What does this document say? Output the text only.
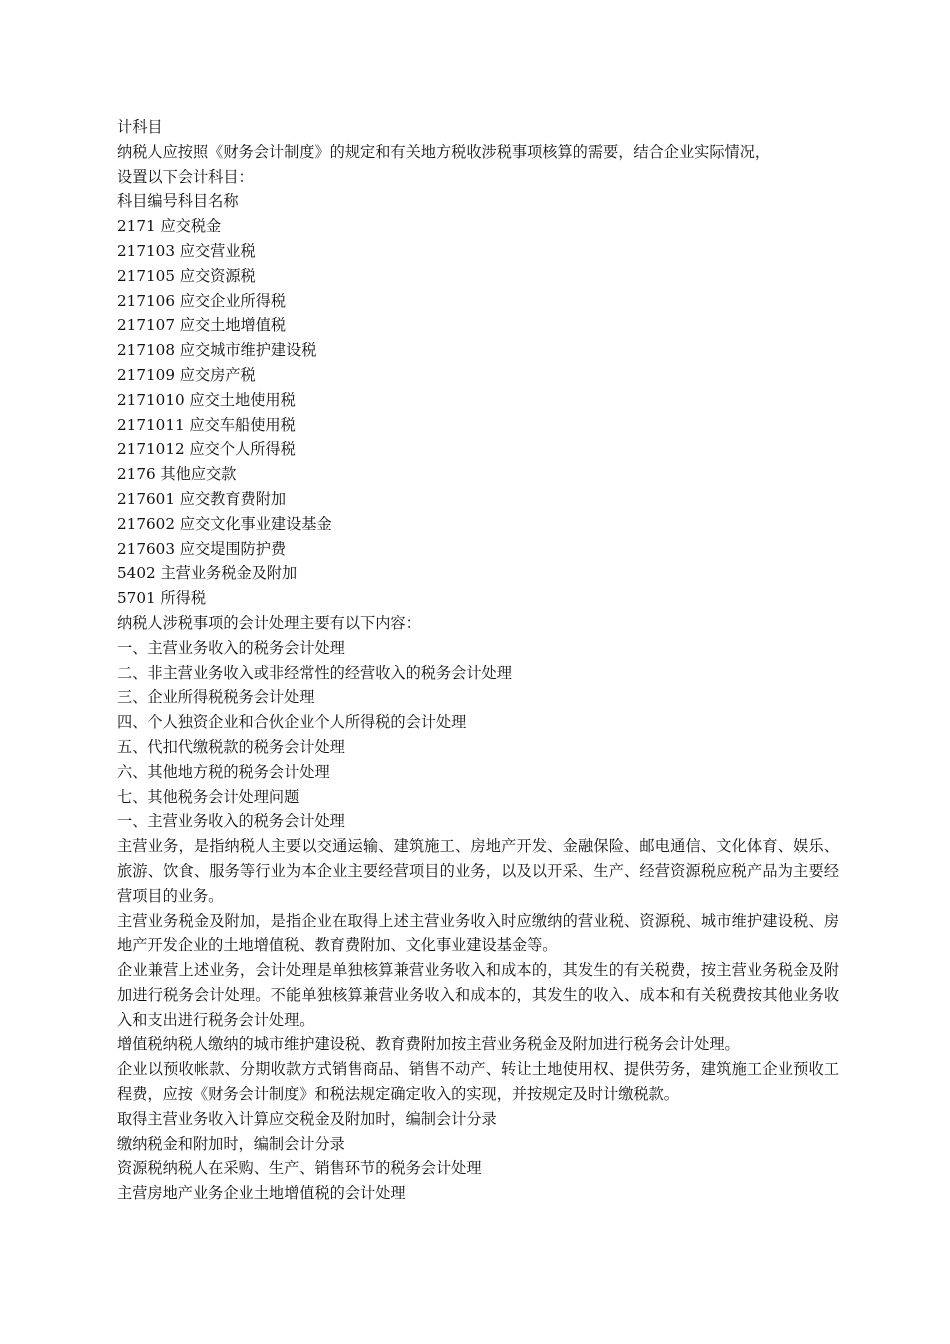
计科目
纳税人应按照《财务会计制度》的规定和有关地方税收涉税事项核算的需要，结合企业实际情况，
设置以下会计科目：
科目编号科目名称
2171 应交税金
217103 应交营业税
217105 应交资源税
217106 应交企业所得税
217107 应交土地增值税
217108 应交城市维护建设税
217109 应交房产税
2171010 应交土地使用税
2171011 应交车船使用税
2171012 应交个人所得税
2176 其他应交款
217601 应交教育费附加
217602 应交文化事业建设基金
217603 应交堤围防护费
5402 主营业务税金及附加
5701 所得税
纳税人涉税事项的会计处理主要有以下内容：
一、主营业务收入的税务会计处理
二、非主营业务收入或非经常性的经营收入的税务会计处理
三、企业所得税税务会计处理
四、个人独资企业和合伙企业个人所得税的会计处理
五、代扣代缴税款的税务会计处理
六、其他地方税的税务会计处理
七、其他税务会计处理问题
一、主营业务收入的税务会计处理

主营业务，是指纳税人主要以交通运输、建筑施工、房地产开发、金融保险、邮电通信、文化体育、娱乐、旅游、饮食、服务等行业为本企业主要经营项目的业务，以及以开采、生产、经营资源税应税产品为主要经营项目的业务。

主营业务税金及附加，是指企业在取得上述主营业务收入时应缴纳的营业税、资源税、城市维护建设税、房地产开发企业的土地增值税、教育费附加、文化事业建设基金等。

企业兼营上述业务，会计处理是单独核算兼营业务收入和成本的，其发生的有关税费，按主营业务税金及附加进行税务会计处理。不能单独核算兼营业务收入和成本的，其发生的收入、成本和有关税费按其他业务收入和支出进行税务会计处理。

增值税纳税人缴纳的城市维护建设税、教育费附加按主营业务税金及附加进行税务会计处理。

企业以预收帐款、分期收款方式销售商品、销售不动产、转让土地使用权、提供劳务，建筑施工企业预收工程费，应按《财务会计制度》和税法规定确定收入的实现，并按规定及时计缴税款。

取得主营业务收入计算应交税金及附加时，编制会计分录
缴纳税金和附加时，编制会计分录
资源税纳税人在采购、生产、销售环节的税务会计处理
主营房地产业务企业土地增值税的会计处理
